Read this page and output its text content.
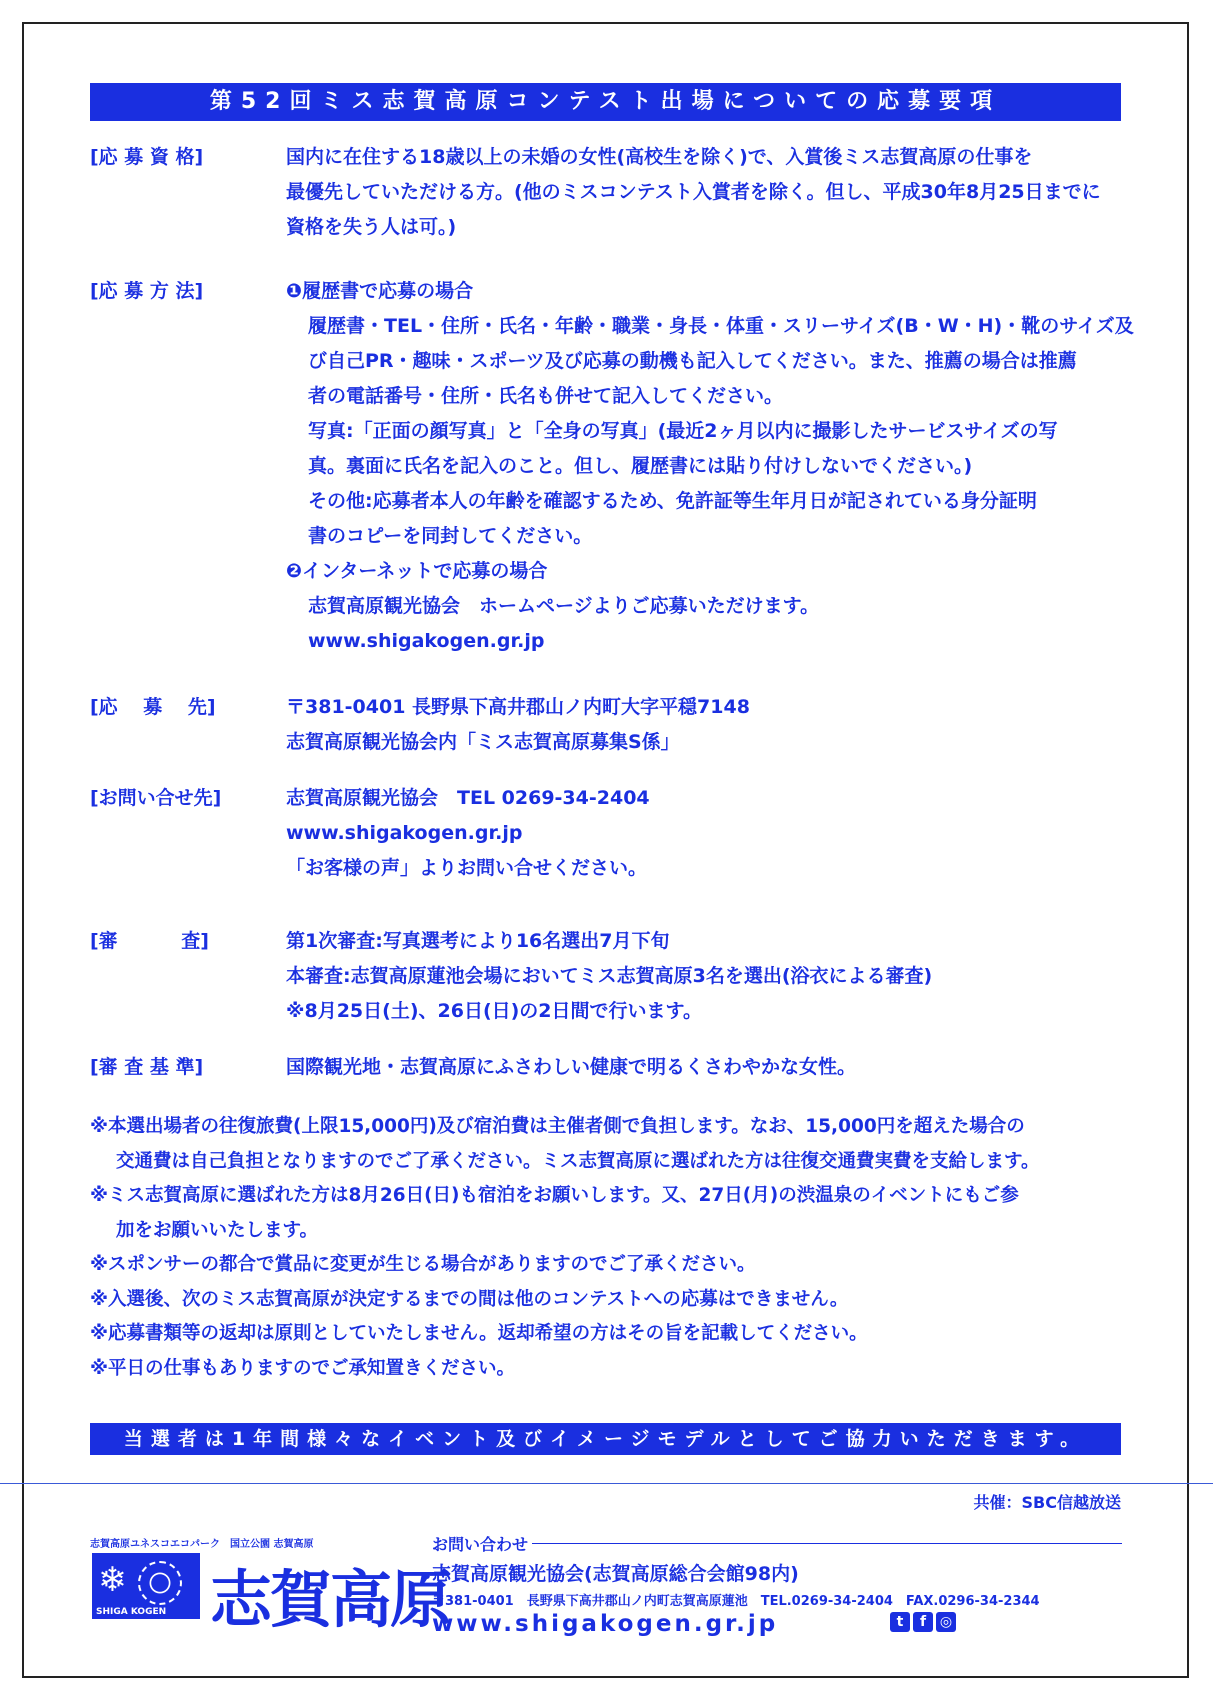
第52回ミス志賀高原コンテスト出場についての応募要項
[応 募 資 格]	国内に在住する18歳以上の未婚の女性(高校生を除く)で、入賞後ミス志賀高原の仕事を
最優先していただける方。(他のミスコンテスト入賞者を除く。但し、平成30年8月25日までに
資格を失う人は可。)
[応 募 方 法]	❶履歴書で応募の場合
履歴書・TEL・住所・氏名・年齢・職業・身長・体重・スリーサイズ(B・W・H)・靴のサイズ及
び自己PR・趣味・スポーツ及び応募の動機も記入してください。また、推薦の場合は推薦
者の電話番号・住所・氏名も併せて記入してください。
写真:「正面の顔写真」と「全身の写真」(最近2ヶ月以内に撮影したサービスサイズの写
真。裏面に氏名を記入のこと。但し、履歴書には貼り付けしないでください。)
その他:応募者本人の年齢を確認するため、免許証等生年月日が記されている身分証明
書のコピーを同封してください。
❷インターネットで応募の場合
志賀高原観光協会　ホームページよりご応募いただけます。
www.shigakogen.gr.jp
[応　 募　 先]	〒381-0401 長野県下高井郡山ノ内町大字平穏7148
志賀高原観光協会内「ミス志賀高原募集S係」
[お問い合せ先]	志賀高原観光協会　TEL 0269-34-2404
www.shigakogen.gr.jp
「お客様の声」よりお問い合せください。
[審　　　 査]	第1次審査:写真選考により16名選出7月下旬
本審査:志賀高原蓮池会場においてミス志賀高原3名を選出(浴衣による審査)
※8月25日(土)、26日(日)の2日間で行います。
[審 査 基 準]	国際観光地・志賀高原にふさわしい健康で明るくさわやかな女性。
※本選出場者の往復旅費(上限15,000円)及び宿泊費は主催者側で負担します。なお、15,000円を超えた場合の
交通費は自己負担となりますのでご了承ください。ミス志賀高原に選ばれた方は往復交通費実費を支給します。
※ミス志賀高原に選ばれた方は8月26日(日)も宿泊をお願いします。又、27日(月)の渋温泉のイベントにもご参
加をお願いいたします。
※スポンサーの都合で賞品に変更が生じる場合がありますのでご了承ください。
※入選後、次のミス志賀高原が決定するまでの間は他のコンテストへの応募はできません。
※応募書類等の返却は原則としていたしません。返却希望の方はその旨を記載してください。
※平日の仕事もありますのでご承知置きください。
当選者は1年間様々なイベント及びイメージモデルとしてご協力いただきます。
共催：SBC信越放送
志賀高原ユネスコエコパーク　国立公園 志賀高原
❄
SHIGA KOGEN 志賀高原
お問い合わせ
志賀高原観光協会(志賀高原総合会館98内)
〒381-0401　長野県下高井郡山ノ内町志賀高原蓮池　TEL.0269-34-2404　FAX.0296-34-2344
www.shigakogen.gr.jp	t	f ◎
